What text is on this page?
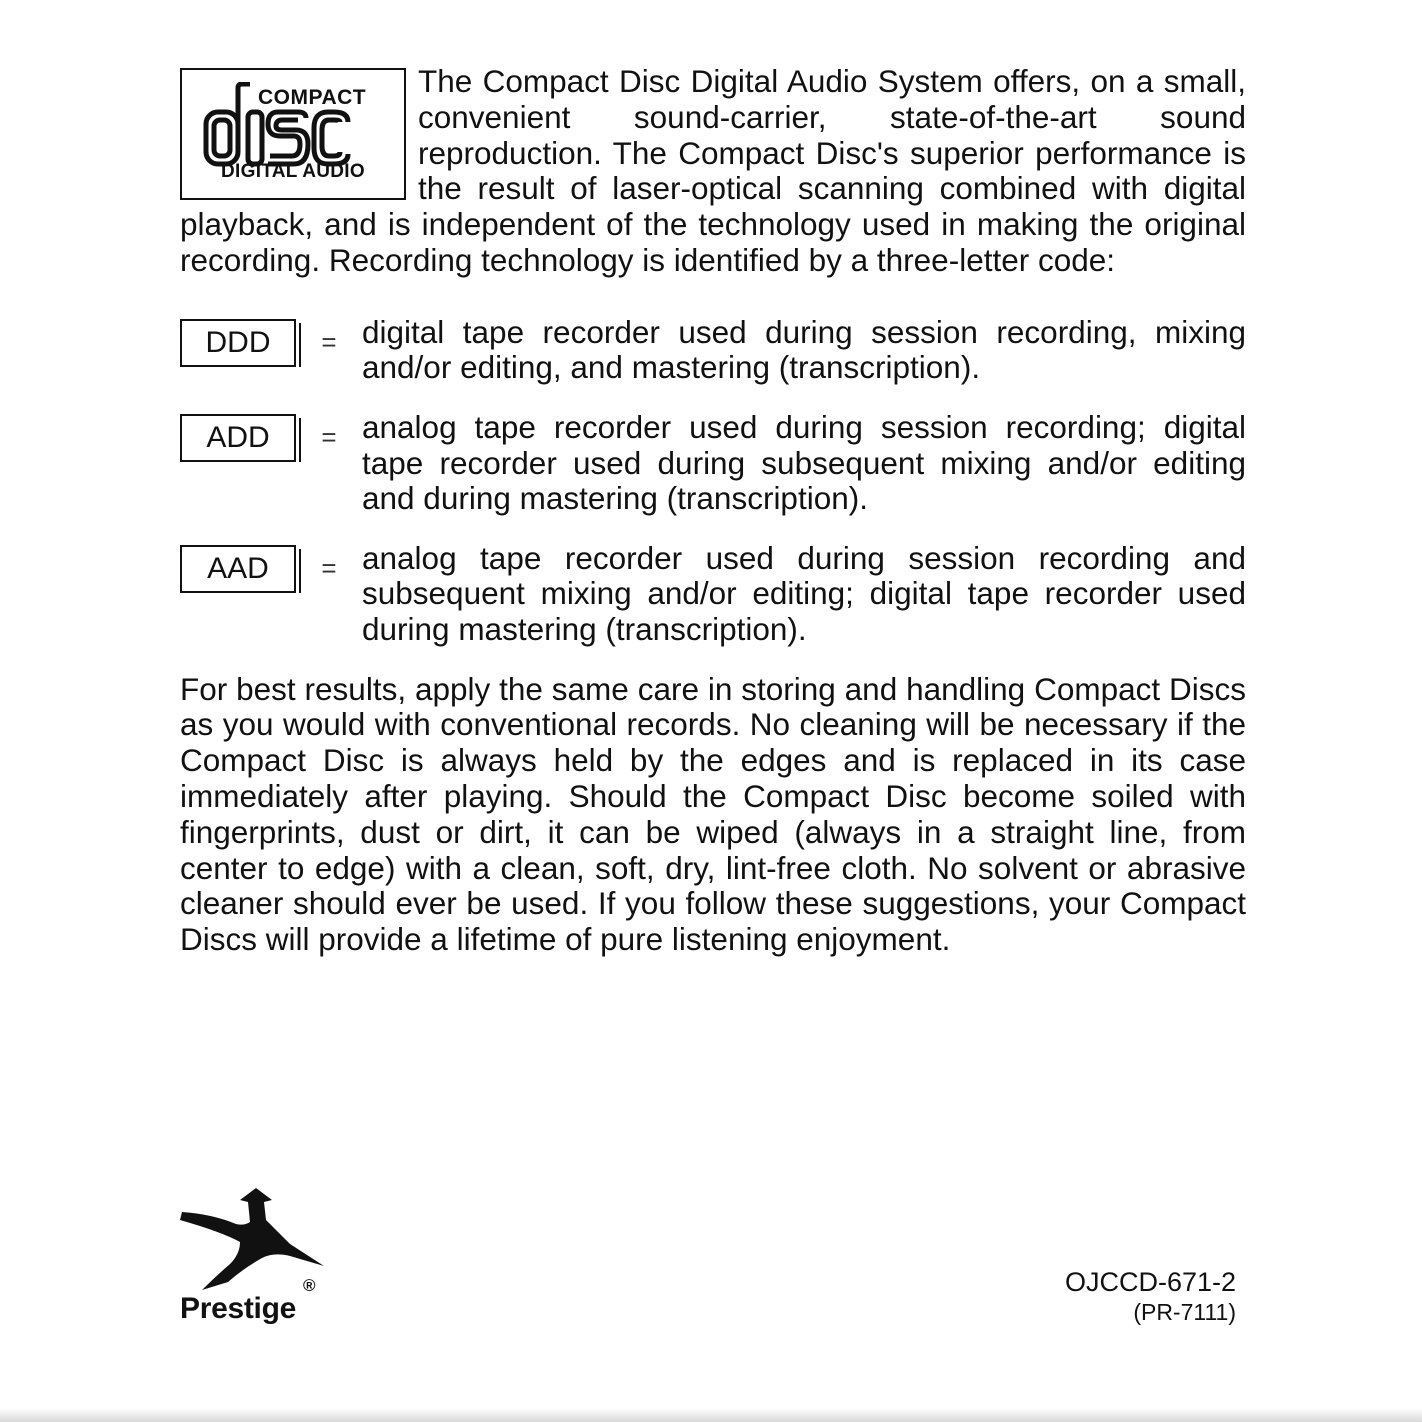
COMPACT
DIGITAL AUDIO
The Compact Disc Digital Audio System offers, on a small, convenient sound-carrier, state-of-the-art sound reproduction. The Compact Disc's superior performance is the result of laser-optical scanning combined with digital playback, and is independent of the technology used in making the original recording. Recording technology is identified by a three-letter code:

DDD	= digital tape recorder used during session recording, mixing and/or editing, and mastering (transcription).
ADD	= analog tape recorder used during session recording; digital tape recorder used during subsequent mixing and/or editing and during mastering (transcription).
AAD	= analog tape recorder used during session recording and subsequent mixing and/or editing; digital tape recorder used during mastering (transcription).

For best results, apply the same care in storing and handling Compact Discs as you would with conventional records. No cleaning will be necessary if the Compact Disc is always held by the edges and is replaced in its case immediately after playing. Should the Compact Disc become soiled with fingerprints, dust or dirt, it can be wiped (always in a straight line, from center to edge) with a clean, soft, dry, lint-free cloth. No solvent or abrasive cleaner should ever be used. If you follow these suggestions, your Compact Discs will provide a lifetime of pure listening enjoyment.

®
Prestige
OJCCD-671-2
(PR-7111)
